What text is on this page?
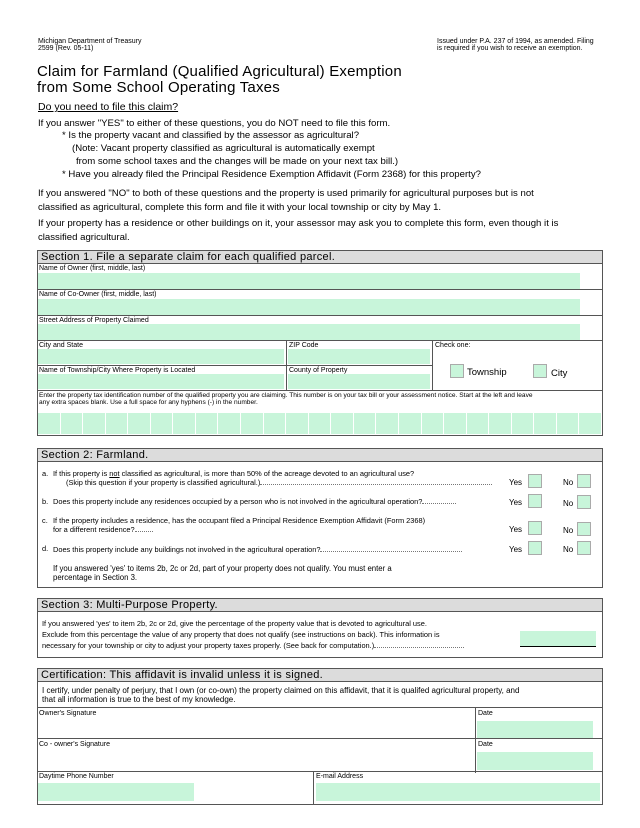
Michigan Department of Treasury
2599 (Rev. 05-11)
Issued under P.A. 237 of 1994, as amended. Filing
is required if you wish to receive an exemption.
Claim for Farmland (Qualified Agricultural) Exemption
from Some School Operating Taxes
Do you need to file this claim?
If you answer "YES" to either of these questions, you do NOT need to file this form.
* Is the property vacant and classified by the assessor as agricultural?
(Note: Vacant property classified as agricultural is automatically exempt
from some school taxes and the changes will be made on your next tax bill.)
* Have you already filed the Principal Residence Exemption Affidavit (Form 2368) for this property?
If you answered "NO" to both of these questions and the property is used primarily for agricultural purposes but is not
classified as agricultural, complete this form and file it with your local township or city by May 1.
If your property has a residence or other buildings on it, your assessor may ask you to complete this form, even though it is
classified agricultural.
Section 1. File a separate claim for each qualified parcel.
Name of Owner (first, middle, last)
Name of Co-Owner (first, middle, last)
Street Address of Property Claimed
City and State	ZIP Code	Check one:
Name of Township/City Where Property is Located	County of Property	Township	City
Enter the property tax identification number of the qualified property you are claiming. This number is on your tax bill or your assessment notice. Start at the left and leave
any extra spaces blank. Use a full space for any hyphens (-) in the number.
Section 2: Farmland.
a. If this property is not classified as agricultural, is more than 50% of the acreage devoted to an agricultural use?
(Skip this question if your property is classified agricultural.)	Yes	No
b. Does this property include any residences occupied by a person who is not involved in the agricultural operation?	Yes	No
c. If the property includes a residence, has the occupant filed a Principal Residence Exemption Affidavit (Form 2368)
for a different residence?	Yes	No
d. Does this property include any buildings not involved in the agricultural operation?	Yes	No
If you answered 'yes' to items 2b, 2c or 2d, part of your property does not qualify. You must enter a
percentage in Section 3.
Section 3: Multi-Purpose Property.
If you answered 'yes' to item 2b, 2c or 2d, give the percentage of the property value that is devoted to agricultural use.
Exclude from this percentage the value of any property that does not qualify (see instructions on back). This information is
necessary for your township or city to adjust your property taxes properly. (See back for computation.)
Certification: This affidavit is invalid unless it is signed.
I certify, under penalty of perjury, that I own (or co-own) the property claimed on this affidavit, that it is qualifed agricultural property, and
that all information is true to the best of my knowledge.
Owner's Signature	Date
Co - owner's Signature	Date
Daytime Phone Number	E-mail Address
